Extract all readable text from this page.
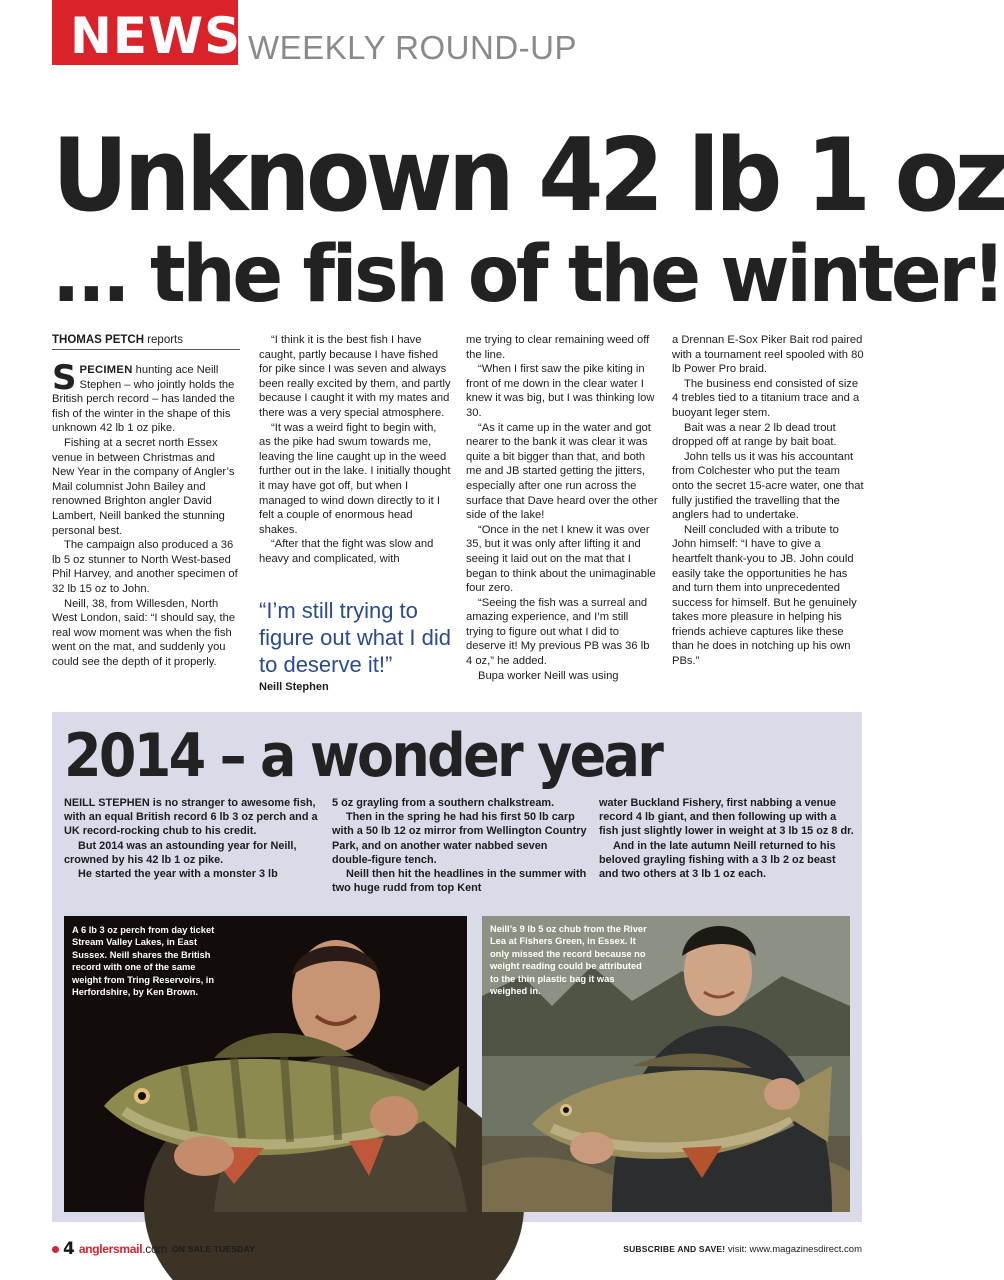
NEWS WEEKLY ROUND-UP
Unknown 42 lb 1 oz
... the fish of the winter!
THOMAS PETCH reports

SPECIMEN hunting ace Neill Stephen – who jointly holds the British perch record – has landed the fish of the winter in the shape of this unknown 42 lb 1 oz pike.

Fishing at a secret north Essex venue in between Christmas and New Year in the company of Angler’s Mail columnist John Bailey and renowned Brighton angler David Lambert, Neill banked the stunning personal best.

The campaign also produced a 36 lb 5 oz stunner to North West-based Phil Harvey, and another specimen of 32 lb 15 oz to John.

Neill, 38, from Willesden, North West London, said: “I should say, the real wow moment was when the fish went on the mat, and suddenly you could see the depth of it properly.

“I think it is the best fish I have caught, partly because I have fished for pike since I was seven and always been really excited by them, and partly because I caught it with my mates and there was a very special atmosphere.

“It was a weird fight to begin with, as the pike had swum towards me, leaving the line caught up in the weed further out in the lake. I initially thought it may have got off, but when I managed to wind down directly to it I felt a couple of enormous head shakes.

“After that the fight was slow and heavy and complicated, with

“I’m still trying to figure out what I did to deserve it!”
Neill Stephen

me trying to clear remaining weed off the line.

“When I first saw the pike kiting in front of me down in the clear water I knew it was big, but I was thinking low 30.

“As it came up in the water and got nearer to the bank it was clear it was quite a bit bigger than that, and both me and JB started getting the jitters, especially after one run across the surface that Dave heard over the other side of the lake!

“Once in the net I knew it was over 35, but it was only after lifting it and seeing it laid out on the mat that I began to think about the unimaginable four zero.

“Seeing the fish was a surreal and amazing experience, and I’m still trying to figure out what I did to deserve it! My previous PB was 36 lb 4 oz,” he added.

Bupa worker Neill was using

a Drennan E-Sox Piker Bait rod paired with a tournament reel spooled with 80 lb Power Pro braid.

The business end consisted of size 4 trebles tied to a titanium trace and a buoyant leger stem.

Bait was a near 2 lb dead trout dropped off at range by bait boat.

John tells us it was his accountant from Colchester who put the team onto the secret 15-acre water, one that fully justified the travelling that the anglers had to undertake.

Neill concluded with a tribute to John himself: “I have to give a heartfelt thank-you to JB. John could easily take the opportunities he has and turn them into unprecedented success for himself. But he genuinely takes more pleasure in helping his friends achieve captures like these than he does in notching up his own PBs.”

2014 – a wonder year

NEILL STEPHEN is no stranger to awesome fish, with an equal British record 6 lb 3 oz perch and a UK record-rocking chub to his credit.

But 2014 was an astounding year for Neill, crowned by his 42 lb 1 oz pike.

He started the year with a monster 3 lb

5 oz grayling from a southern chalkstream.

Then in the spring he had his first 50 lb carp with a 50 lb 12 oz mirror from Wellington Country Park, and on another water nabbed seven double-figure tench.

Neill then hit the headlines in the summer with two huge rudd from top Kent

water Buckland Fishery, first nabbing a venue record 4 lb giant, and then following up with a fish just slightly lower in weight at 3 lb 15 oz 8 dr.

And in the late autumn Neill returned to his beloved grayling fishing with a 3 lb 2 oz beast and two others at 3 lb 1 oz each.

A 6 lb 3 oz perch from day ticket Stream Valley Lakes, in East Sussex. Neill shares the British record with one of the same weight from Tring Reservoirs, in Herfordshire, by Ken Brown.
Neill’s 9 lb 5 oz chub from the River Lea at Fishers Green, in Essex. It only missed the record because no weight reading could be attributed to the thin plastic bag it was weighed in.
4 anglersmail.com ON SALE TUESDAY	SUBSCRIBE AND SAVE! visit: www.magazinesdirect.com
